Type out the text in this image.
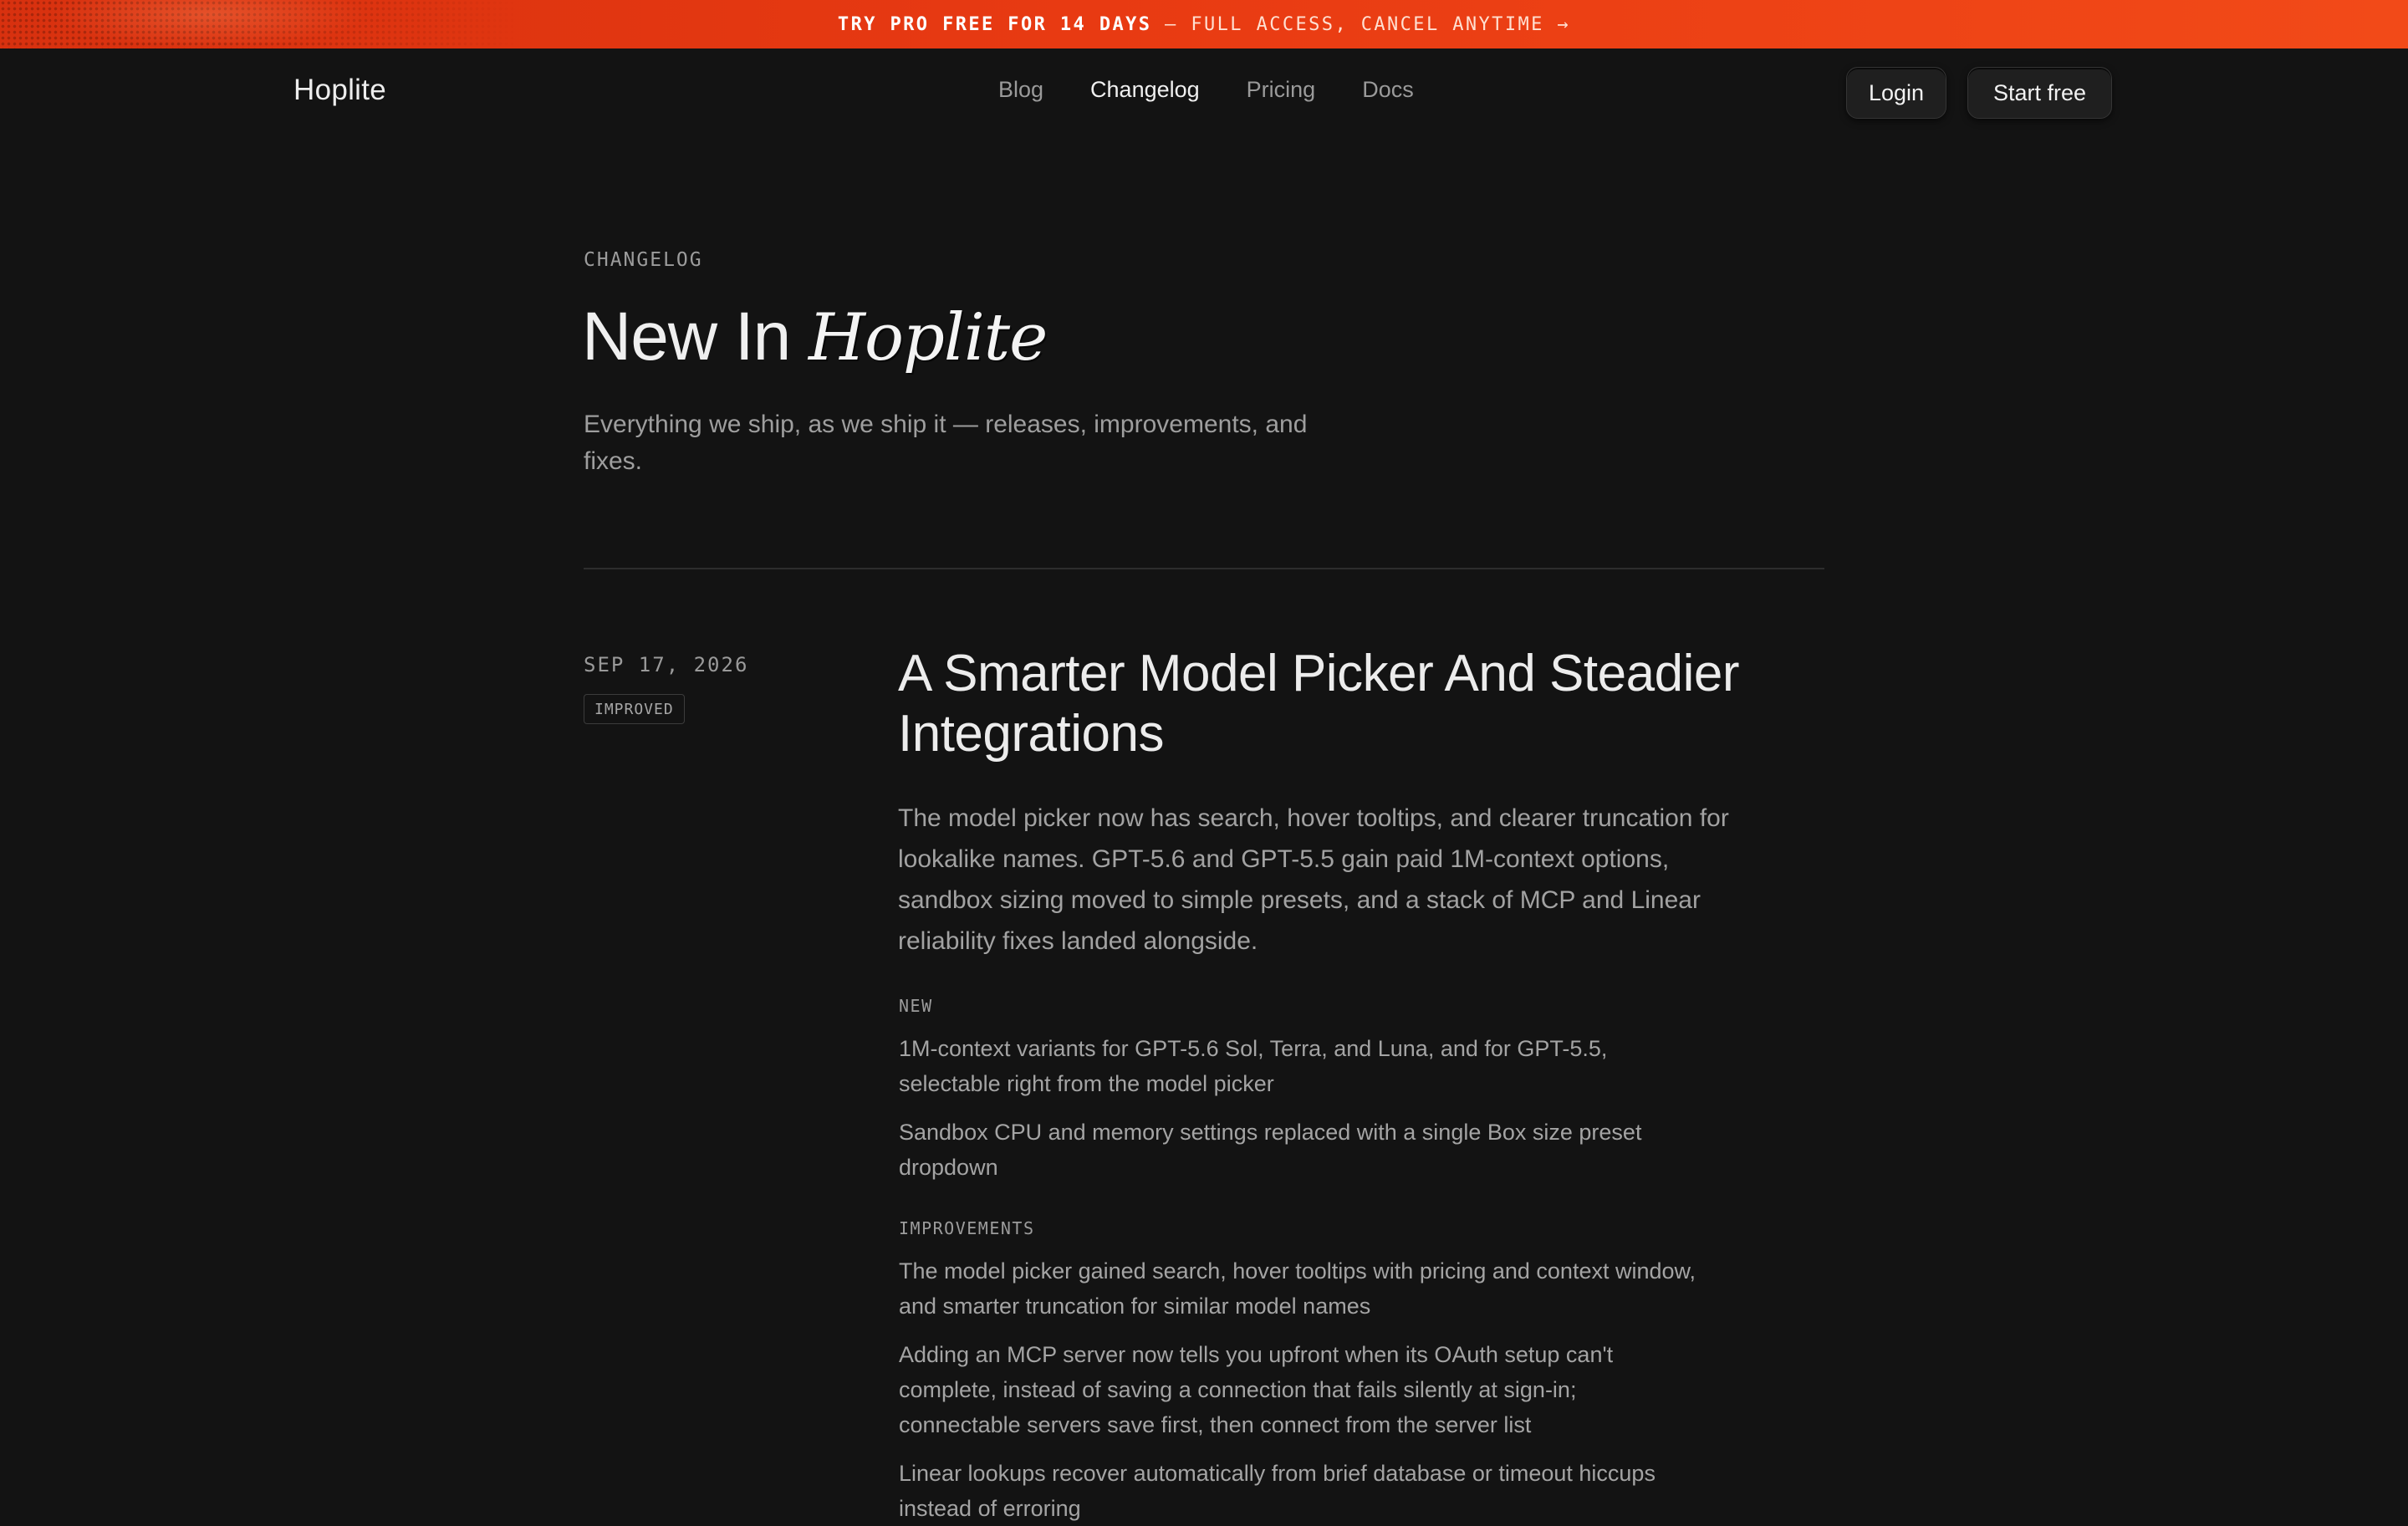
TRY PRO FREE FOR 14 DAYS — FULL ACCESS, CANCEL ANYTIME →
Hoplite	Blog Changelog Pricing Docs	Login	Start free
CHANGELOG
New In Hoplite
Everything we ship, as we ship it — releases, improvements, and fixes.
SEP 17, 2026
IMPROVED
A Smarter Model Picker And Steadier Integrations
The model picker now has search, hover tooltips, and clearer truncation for lookalike names. GPT-5.6 and GPT-5.5 gain paid 1M-context options, sandbox sizing moved to simple presets, and a stack of MCP and Linear reliability fixes landed alongside.
NEW
1M-context variants for GPT-5.6 Sol, Terra, and Luna, and for GPT-5.5, selectable right from the model picker
Sandbox CPU and memory settings replaced with a single Box size preset dropdown
IMPROVEMENTS
The model picker gained search, hover tooltips with pricing and context window, and smarter truncation for similar model names
Adding an MCP server now tells you upfront when its OAuth setup can't complete, instead of saving a connection that fails silently at sign-in; connectable servers save first, then connect from the server list
Linear lookups recover automatically from brief database or timeout hiccups instead of erroring
